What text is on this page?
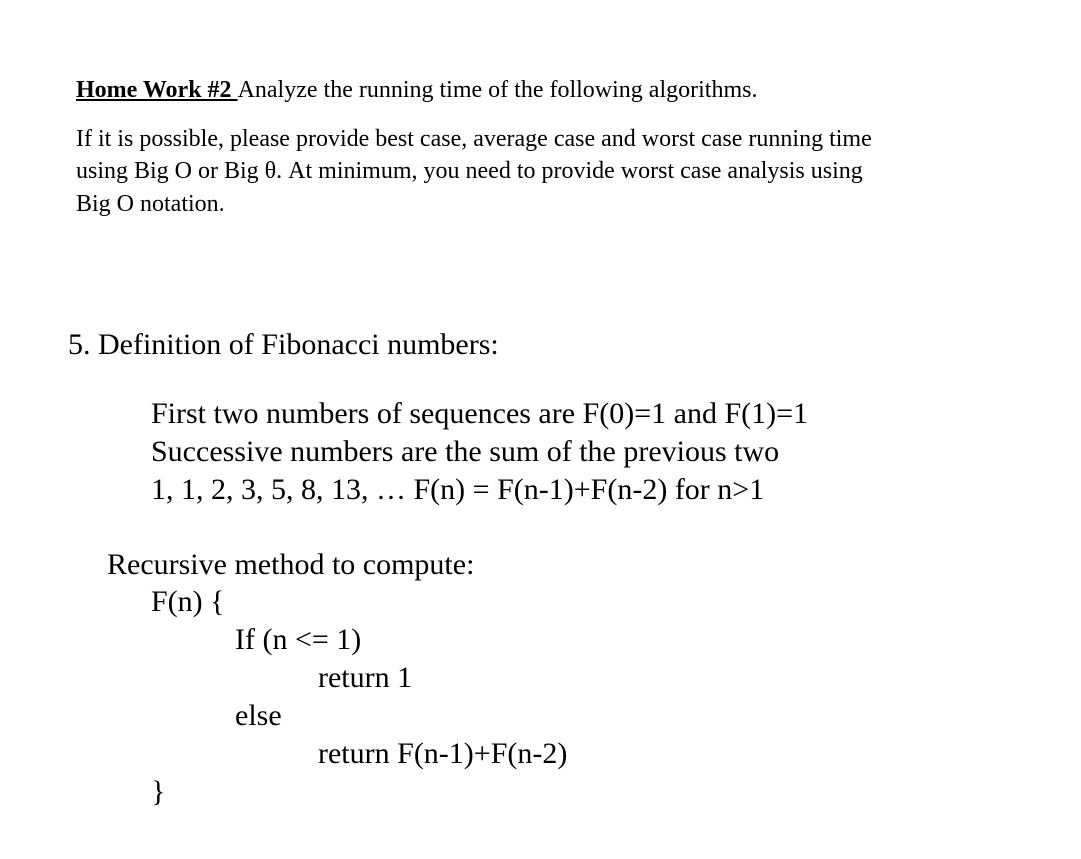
Home Work #2 Analyze the running time of the following algorithms.
If it is possible, please provide best case, average case and worst case running time
using Big O or Big θ. At minimum, you need to provide worst case analysis using
Big O notation.
5. Definition of Fibonacci numbers:
First two numbers of sequences are F(0)=1 and F(1)=1
Successive numbers are the sum of the previous two
1, 1, 2, 3, 5, 8, 13, … F(n) = F(n-1)+F(n-2) for n>1
Recursive method to compute:
F(n) {
If (n <= 1)
return 1
else
return F(n-1)+F(n-2)
}
